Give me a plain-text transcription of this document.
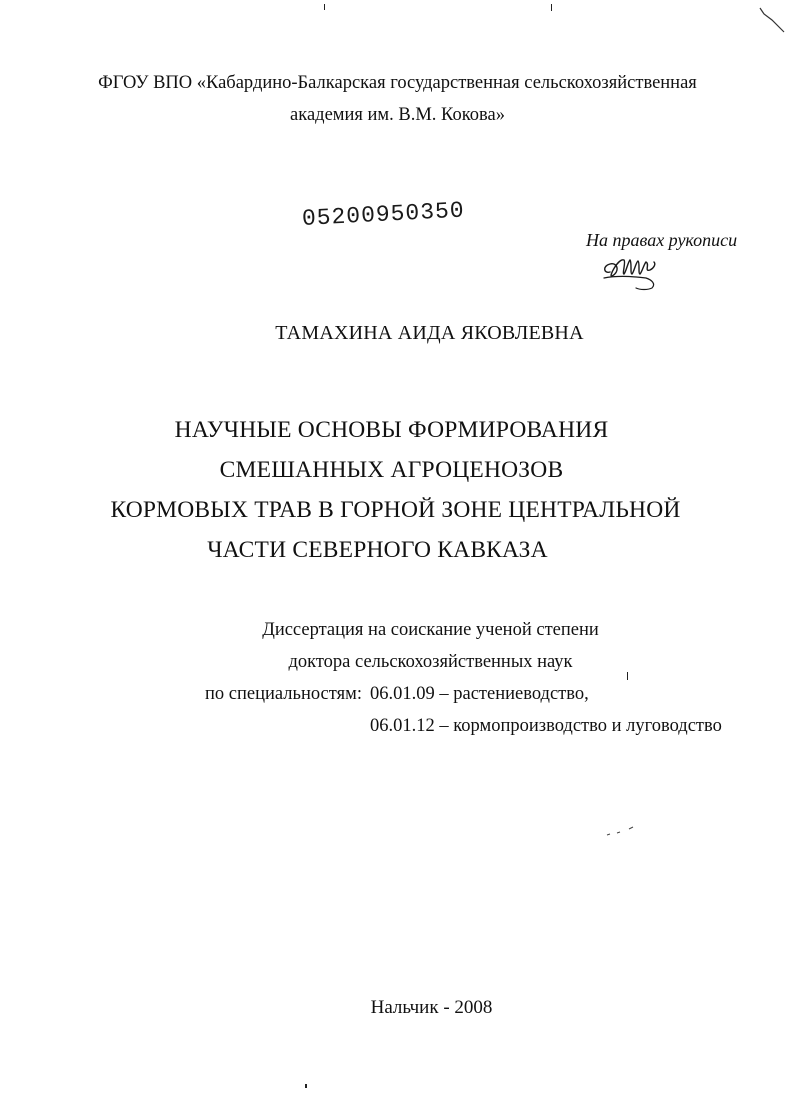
ФГОУ ВПО «Кабардино-Балкарская государственная сельскохозяйственная
академия им. В.М. Кокова»
05200950350
На правах рукописи
ТАМАХИНА АИДА ЯКОВЛЕВНА
НАУЧНЫЕ ОСНОВЫ ФОРМИРОВАНИЯ
СМЕШАННЫХ АГРОЦЕНОЗОВ
КОРМОВЫХ ТРАВ В ГОРНОЙ ЗОНЕ ЦЕНТРАЛЬНОЙ
ЧАСТИ СЕВЕРНОГО КАВКАЗА
Диссертация на соискание ученой степени
доктора сельскохозяйственных наук
по специальностям: 06.01.09 – растениеводство,
06.01.12 – кормопроизводство и луговодство
Нальчик - 2008
